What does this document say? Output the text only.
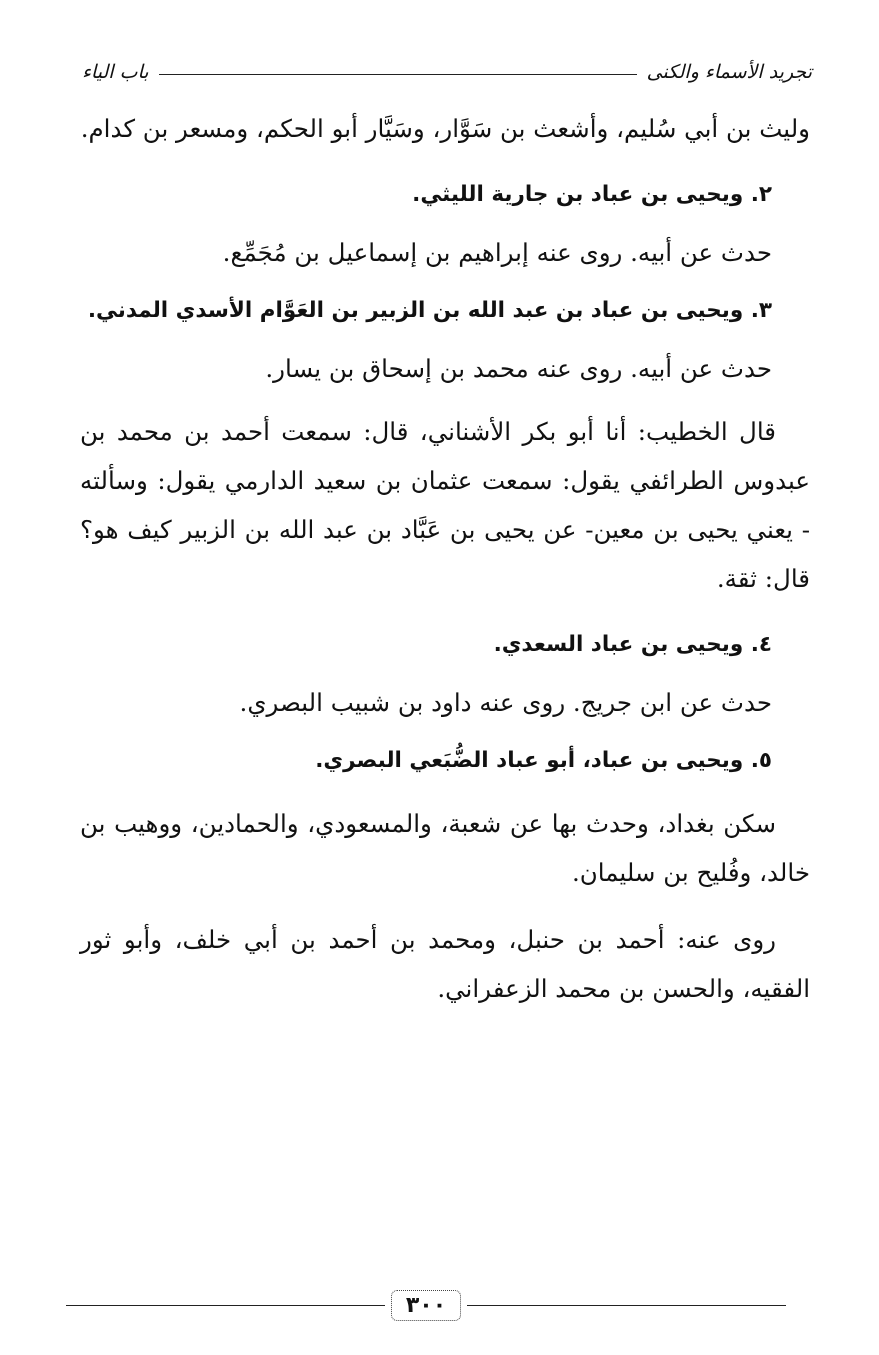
تجريد الأسماء والكنى
باب الياء

وليث بن أبي سُليم، وأشعث بن سَوَّار، وسَيَّار أبو الحكم، ومسعر بن كدام.

٢. ويحيى بن عباد بن جارية الليثي.

حدث عن أبيه. روى عنه إبراهيم بن إسماعيل بن مُجَمِّع.

٣. ويحيى بن عباد بن عبد الله بن الزبير بن العَوَّام الأسدي المدني.

حدث عن أبيه. روى عنه محمد بن إسحاق بن يسار.

قال الخطيب: أنا أبو بكر الأشناني، قال: سمعت أحمد بن محمد بن عبدوس الطرائفي يقول: سمعت عثمان بن سعيد الدارمي يقول: وسألته - يعني يحيى بن معين- عن يحيى بن عَبَّاد بن عبد الله بن الزبير كيف هو؟ قال: ثقة.

٤. ويحيى بن عباد السعدي.

حدث عن ابن جريج. روى عنه داود بن شبيب البصري.

٥. ويحيى بن عباد، أبو عباد الضُّبَعي البصري.

سكن بغداد، وحدث بها عن شعبة، والمسعودي، والحمادين، ووهيب بن خالد، وفُليح بن سليمان.

روى عنه: أحمد بن حنبل، ومحمد بن أحمد بن أبي خلف، وأبو ثور الفقيه، والحسن بن محمد الزعفراني.

٣٠٠
